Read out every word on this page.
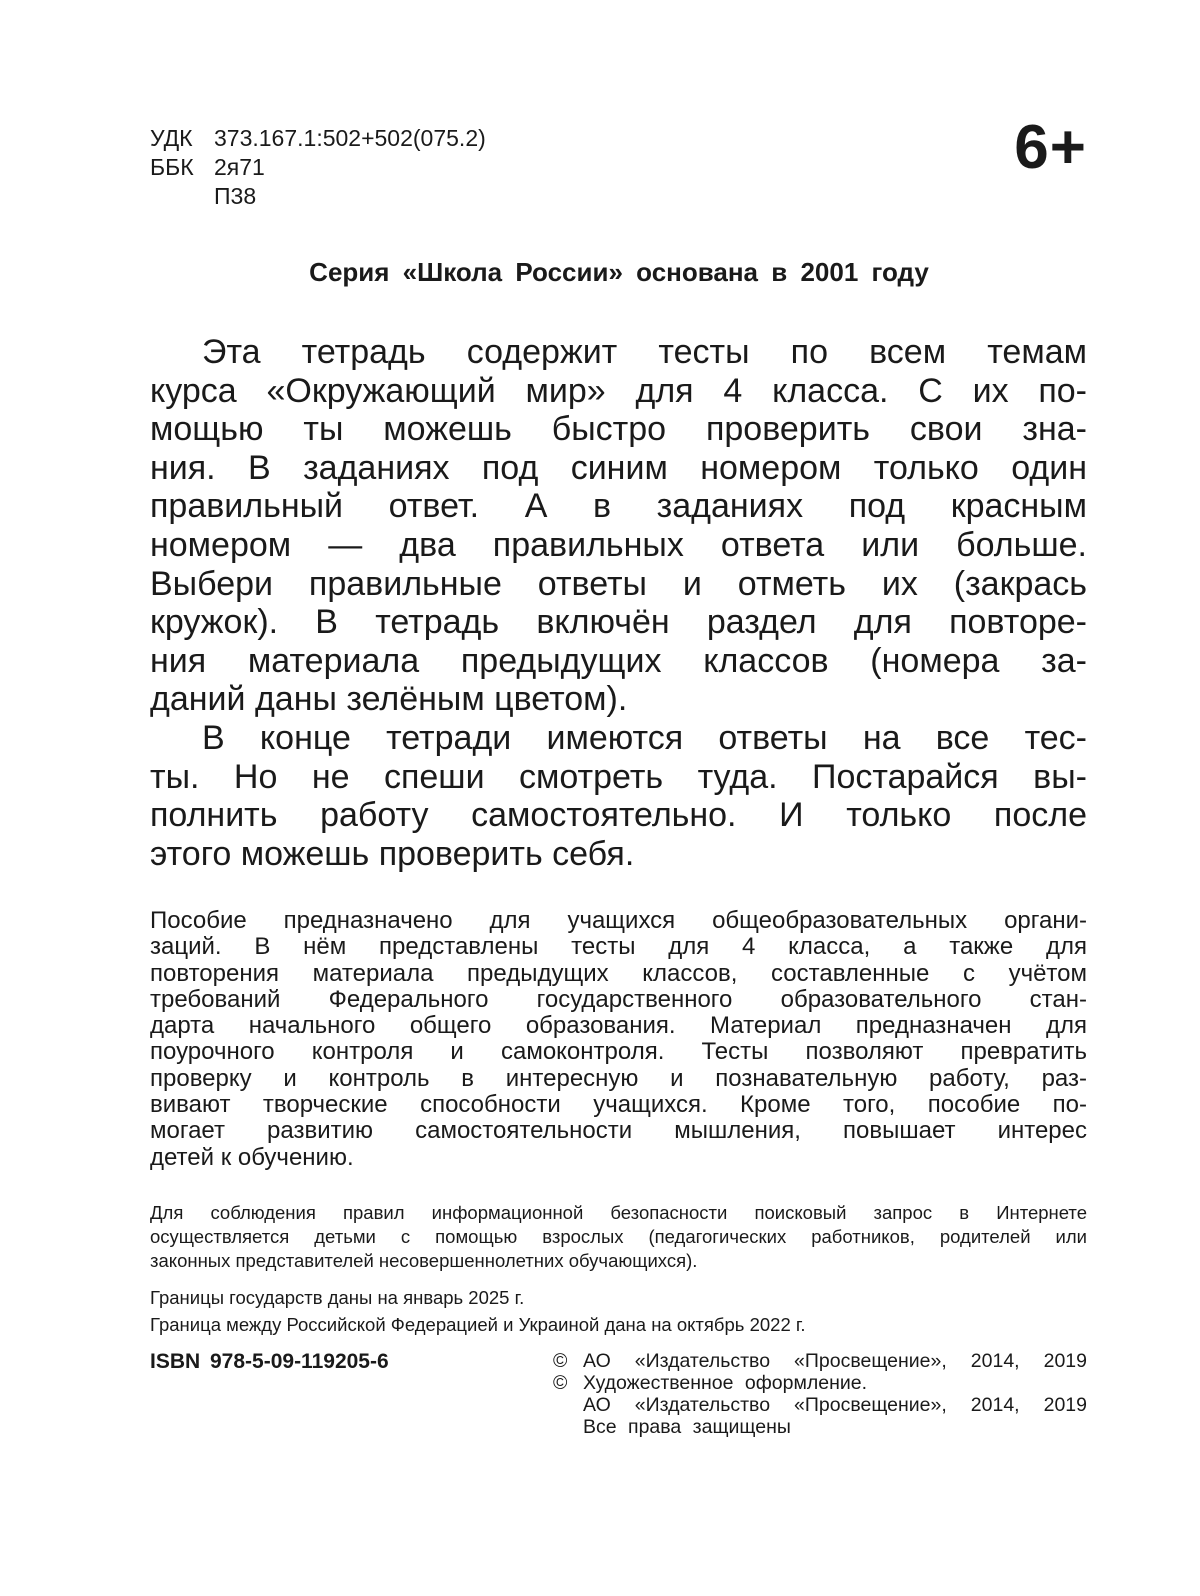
УДК 373.167.1:502+502(075.2)
ББК 2я71
П38
6+
Серия «Школа России» основана в 2001 году
Эта тетрадь содержит тесты по всем темам
курса «Окружающий мир» для 4 класса. С их по-
мощью ты можешь быстро проверить свои зна-
ния. В заданиях под синим номером только один
правильный ответ. А в заданиях под красным
номером — два правильных ответа или больше.
Выбери правильные ответы и отметь их (закрась
кружок). В тетрадь включён раздел для повторе-
ния материала предыдущих классов (номера за-
даний даны зелёным цветом).
В конце тетради имеются ответы на все тес-
ты. Но не спеши смотреть туда. Постарайся вы-
полнить работу самостоятельно. И только после
этого можешь проверить себя.
Пособие предназначено для учащихся общеобразовательных органи-
заций. В нём представлены тесты для 4 класса, а также для
повторения материала предыдущих классов, составленные с учётом
требований Федерального государственного образовательного стан-
дарта начального общего образования. Материал предназначен для
поурочного контроля и самоконтроля. Тесты позволяют превратить
проверку и контроль в интересную и познавательную работу, раз-
вивают творческие способности учащихся. Кроме того, пособие по-
могает развитию самостоятельности мышления, повышает интерес
детей к обучению.
Для соблюдения правил информационной безопасности поисковый запрос в Интернете
осуществляется детьми с помощью взрослых (педагогических работников, родителей или
законных представителей несовершеннолетних обучающихся).
Границы государств даны на январь 2025 г.
Граница между Российской Федерацией и Украиной дана на октябрь 2022 г.
ISBN 978-5-09-119205-6	© АО «Издательство «Просвещение», 2014, 2019
© Художественное оформление.
АО «Издательство «Просвещение», 2014, 2019
Все права защищены
